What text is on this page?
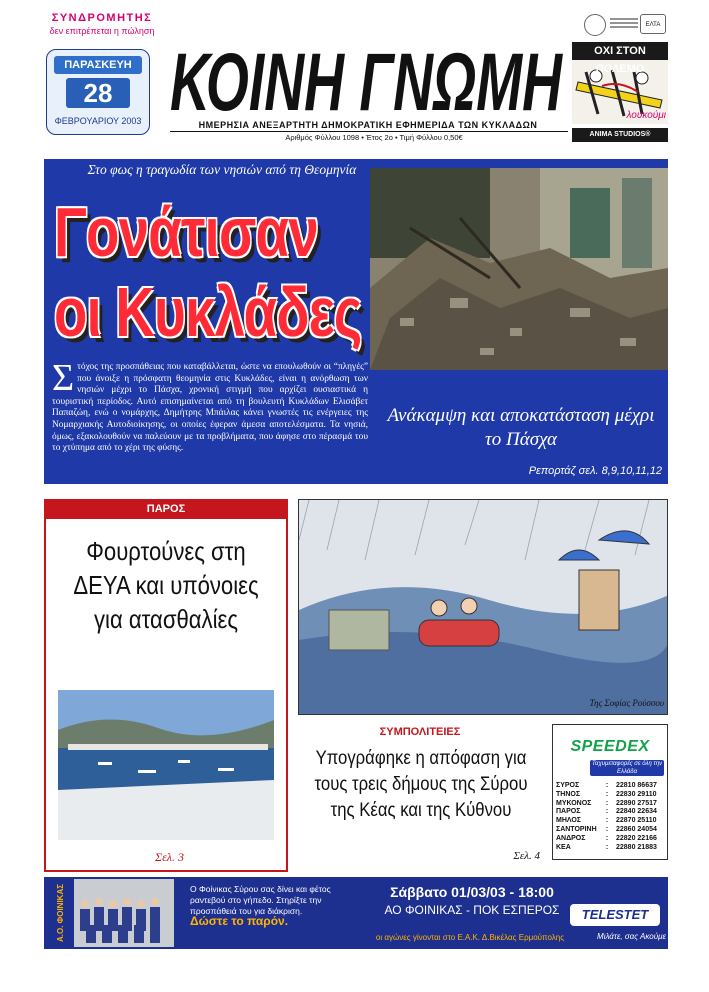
ΣΥΝΔΡΟΜΗΤΗΣ
δεν επιτρέπεται η πώληση
ΠΑΡΑΣΚΕΥΗ
28
ΦΕΒΡΟΥΑΡΙΟΥ 2003 ΚΟΙΝΗ ΓΝΩΜΗ
ΗΜΕΡΗΣΙΑ ΑΝΕΞΑΡΤΗΤΗ ΔΗΜΟΚΡΑΤΙΚΗ ΕΦΗΜΕΡΙΔΑ ΤΩΝ ΚΥΚΛΑΔΩΝ
Αριθμός Φύλλου 1098 • Έτος 2ο • Τιμή Φύλλου 0,50€
ΕΛΤΑ
ΟΧΙ ΣΤΟΝ ΠΟΛΕΜΟ
λουκούμι
ANIMA STUDIOS®
Στο φως η τραγωδία των νησιών από τη Θεομηνία
Γονάτισαν
οι Κυκλάδες
Στόχος της προσπάθειας που καταβάλλεται, ώστε να επουλωθούν οι “πληγές” που άνοιξε η πρόσφατη θεομηνία στις Κυκλάδες, είναι η ανόρθωση των νησιών μέχρι το Πάσχα, χρονική στιγμή που αρχίζει ουσιαστικά η τουριστική περίοδος. Αυτό επισημαίνεται από τη βουλευτή Κυκλάδων Ελισάβετ Παπαζώη, ενώ ο νομάρχης, Δημήτρης Μπάιλας κάνει γνωστές τις ενέργειες της Νομαρχιακής Αυτοδιοίκησης, οι οποίες έφεραν άμεσα αποτελέσματα. Τα νησιά, όμως, εξακολουθούν να παλεύουν με τα προβλήματα, που άφησε στο πέρασμά του το χτύπημα από το χέρι της φύσης.
Ανάκαμψη και αποκατάσταση μέχρι το Πάσχα
Ρεπορτάζ σελ. 8,9,10,11,12
ΠΑΡΟΣ
Φουρτούνες στη ΔΕΥΑ και υπόνοιες για ατασθαλίες
Σελ. 3
Της Σοφίας Ρούσσου
ΣΥΜΠΟΛΙΤΕΙΕΣ
Υπογράφηκε η απόφαση για τους τρεις δήμους της Σύρου της Κέας και της Κύθνου
Σελ. 4
SPEEDEX
Ταχυμεταφορές σε όλη την Ελλάδα
ΣΥΡΟΣ	:	22810 86637
ΤΗΝΟΣ	:	22830 29110
ΜΥΚΟΝΟΣ	:	22890 27517
ΠΑΡΟΣ	:	22840 22634
ΜΗΛΟΣ	:	22870 25110
ΣΑΝΤΟΡΙΝΗ	:	22860 24054
ΑΝΔΡΟΣ	:	22820 22166
ΚΕΑ	:	22880 21883
Α.Ο. ΦΟΙΝΙΚΑΣ	Ο Φοίνικας Σύρου σας δίνει και φέτος ραντεβού στο γήπεδο. Στηρίξτε την προσπάθειά του για διάκριση.
Δώστε το παρόν.
Σάββατο 01/03/03 - 18:00
ΑΟ ΦΟΙΝΙΚΑΣ - ΠΟΚ ΕΣΠΕΡΟΣ
οι αγώνες γίνονται στο Ε.Α.Κ. Δ.Βικέλας Ερμούπολης
TELESTET
Μιλάτε, σας Ακούμε
